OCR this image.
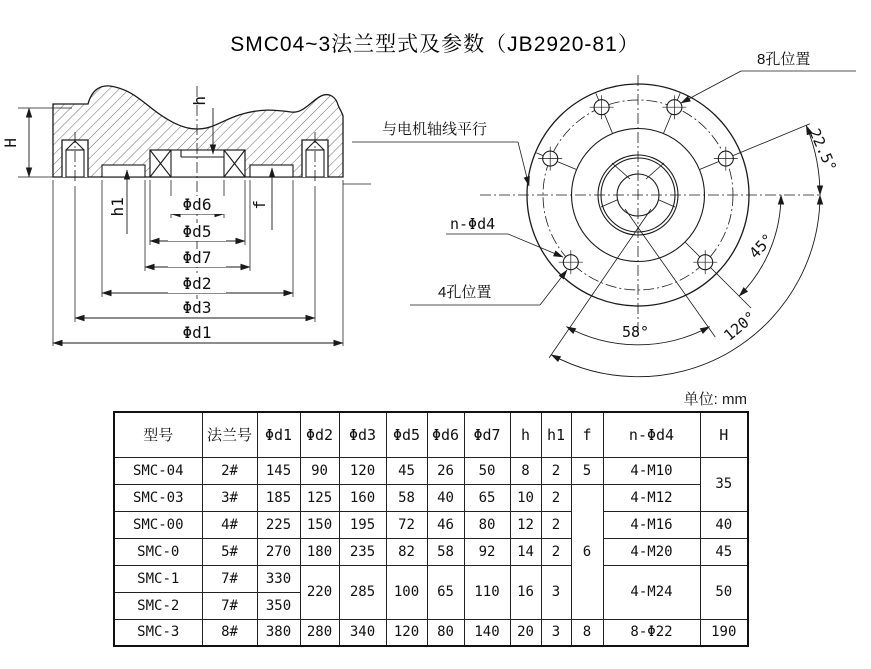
SMC04~3法兰型式及参数（JB2920-81）
单位: mm
H
h
h1	f
Φd6
Φd5
Φd7
Φd2
Φd3
Φd1
8孔位置
与电机轴线平行
n-Φd4
4孔位置
22.5°
45°
120°
58°
型号	法兰号	Φd1	Φd2	Φd3	Φd5	Φd6	Φd7	h	h1	f	n-Φd4	H
SMC-04	2#	145	90	120	45	26	50	8	2	5	4-M10	35
SMC-03	3#	185	125	160	58	40	65	10	2	6	4-M12	
SMC-00	4#	225	150	195	72	46	80	12	2		4-M16	40
SMC-0	5#	270	180	235	82	58	92	14	2		4-M20	45
SMC-1	7#	330	220	285	100	65	110	16	3		4-M24	50
SMC-2	7#	350										
SMC-3	8#	380	280	340	120	80	140	20	3	8	8-Φ22	190
